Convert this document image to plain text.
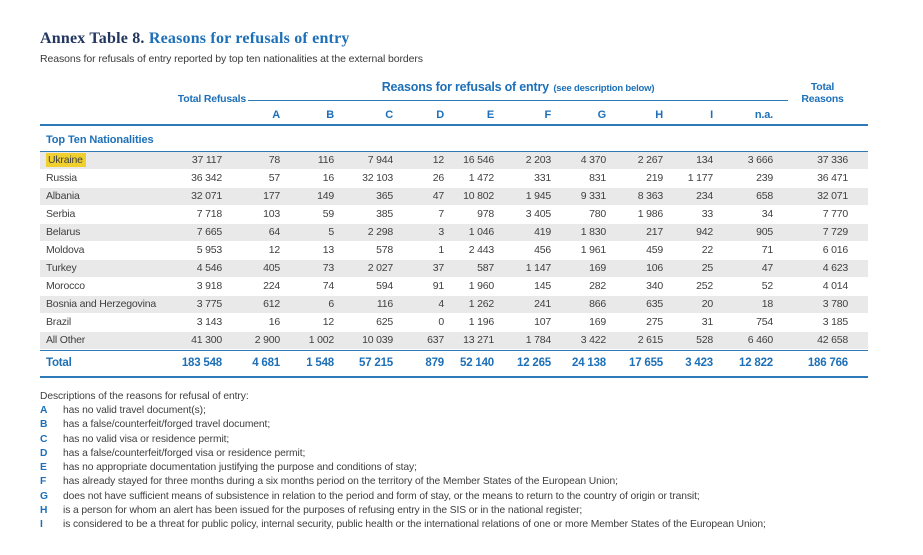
Annex Table 8. Reasons for refusals of entry

Reasons for refusals of entry reported by top ten nationalities at the external borders

Total Refusals
Reasons for refusals of entry (see description below)	Total
Reasons
A	B	C	D	E	F	G	H	I	n.a.
Top Ten Nationalities
Ukraine	37 117	78	116	7 944	12	16 546	2 203	4 370	2 267	134	3 666	37 336
Russia	36 342	57	16	32 103	26	1 472	331	831	219	1 177	239	36 471
Albania	32 071	177	149	365	47	10 802	1 945	9 331	8 363	234	658	32 071
Serbia	7 718	103	59	385	7	978	3 405	780	1 986	33	34	7 770
Belarus	7 665	64	5	2 298	3	1 046	419	1 830	217	942	905	7 729
Moldova	5 953	12	13	578	1	2 443	456	1 961	459	22	71	6 016
Turkey	4 546	405	73	2 027	37	587	1 147	169	106	25	47	4 623
Morocco	3 918	224	74	594	91	1 960	145	282	340	252	52	4 014
Bosnia and Herzegovina	3 775	612	6	116	4	1 262	241	866	635	20	18	3 780
Brazil	3 143	16	12	625	0	1 196	107	169	275	31	754	3 185
All Other	41 300	2 900	1 002	10 039	637	13 271	1 784	3 422	2 615	528	6 460	42 658
Total	183 548	4 681	1 548	57 215	879	52 140	12 265	24 138	17 655	3 423	12 822	186 766

Descriptions of the reasons for refusal of entry:

A	has no valid travel document(s);
B	has a false/counterfeit/forged travel document;
C	has no valid visa or residence permit;
D	has a false/counterfeit/forged visa or residence permit;
E	has no appropriate documentation justifying the purpose and conditions of stay;
F	has already stayed for three months during a six months period on the territory of the Member States of the European Union;
G	does not have sufficient means of subsistence in relation to the period and form of stay, or the means to return to the country of origin or transit;
H	is a person for whom an alert has been issued for the purposes of refusing entry in the SIS or in the national register;
I	is considered to be a threat for public policy, internal security, public health or the international relations of one or more Member States of the European Union;
